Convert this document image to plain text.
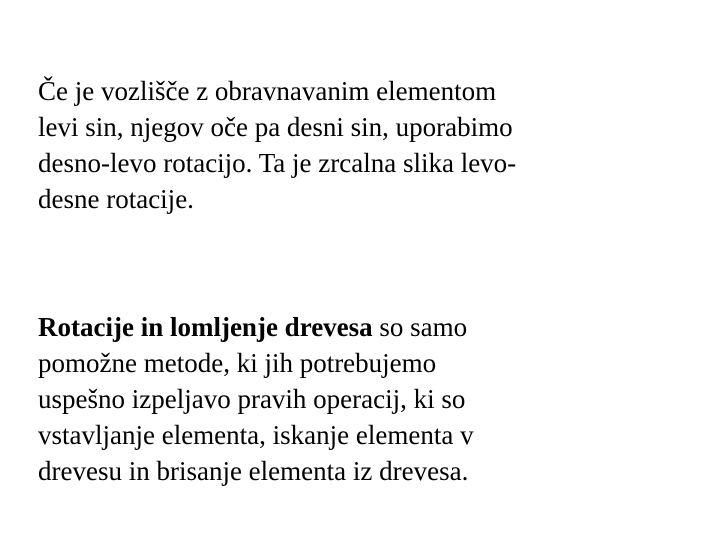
Če je vozlišče z obravnavanim elementom
levi sin, njegov oče pa desni sin, uporabimo
desno-levo rotacijo. Ta je zrcalna slika levo-
desne rotacije.

Rotacije in lomljenje drevesa so samo
pomožne metode, ki jih potrebujemo
uspešno izpeljavo pravih operacij, ki so
vstavljanje elementa, iskanje elementa v
drevesu in brisanje elementa iz drevesa.
